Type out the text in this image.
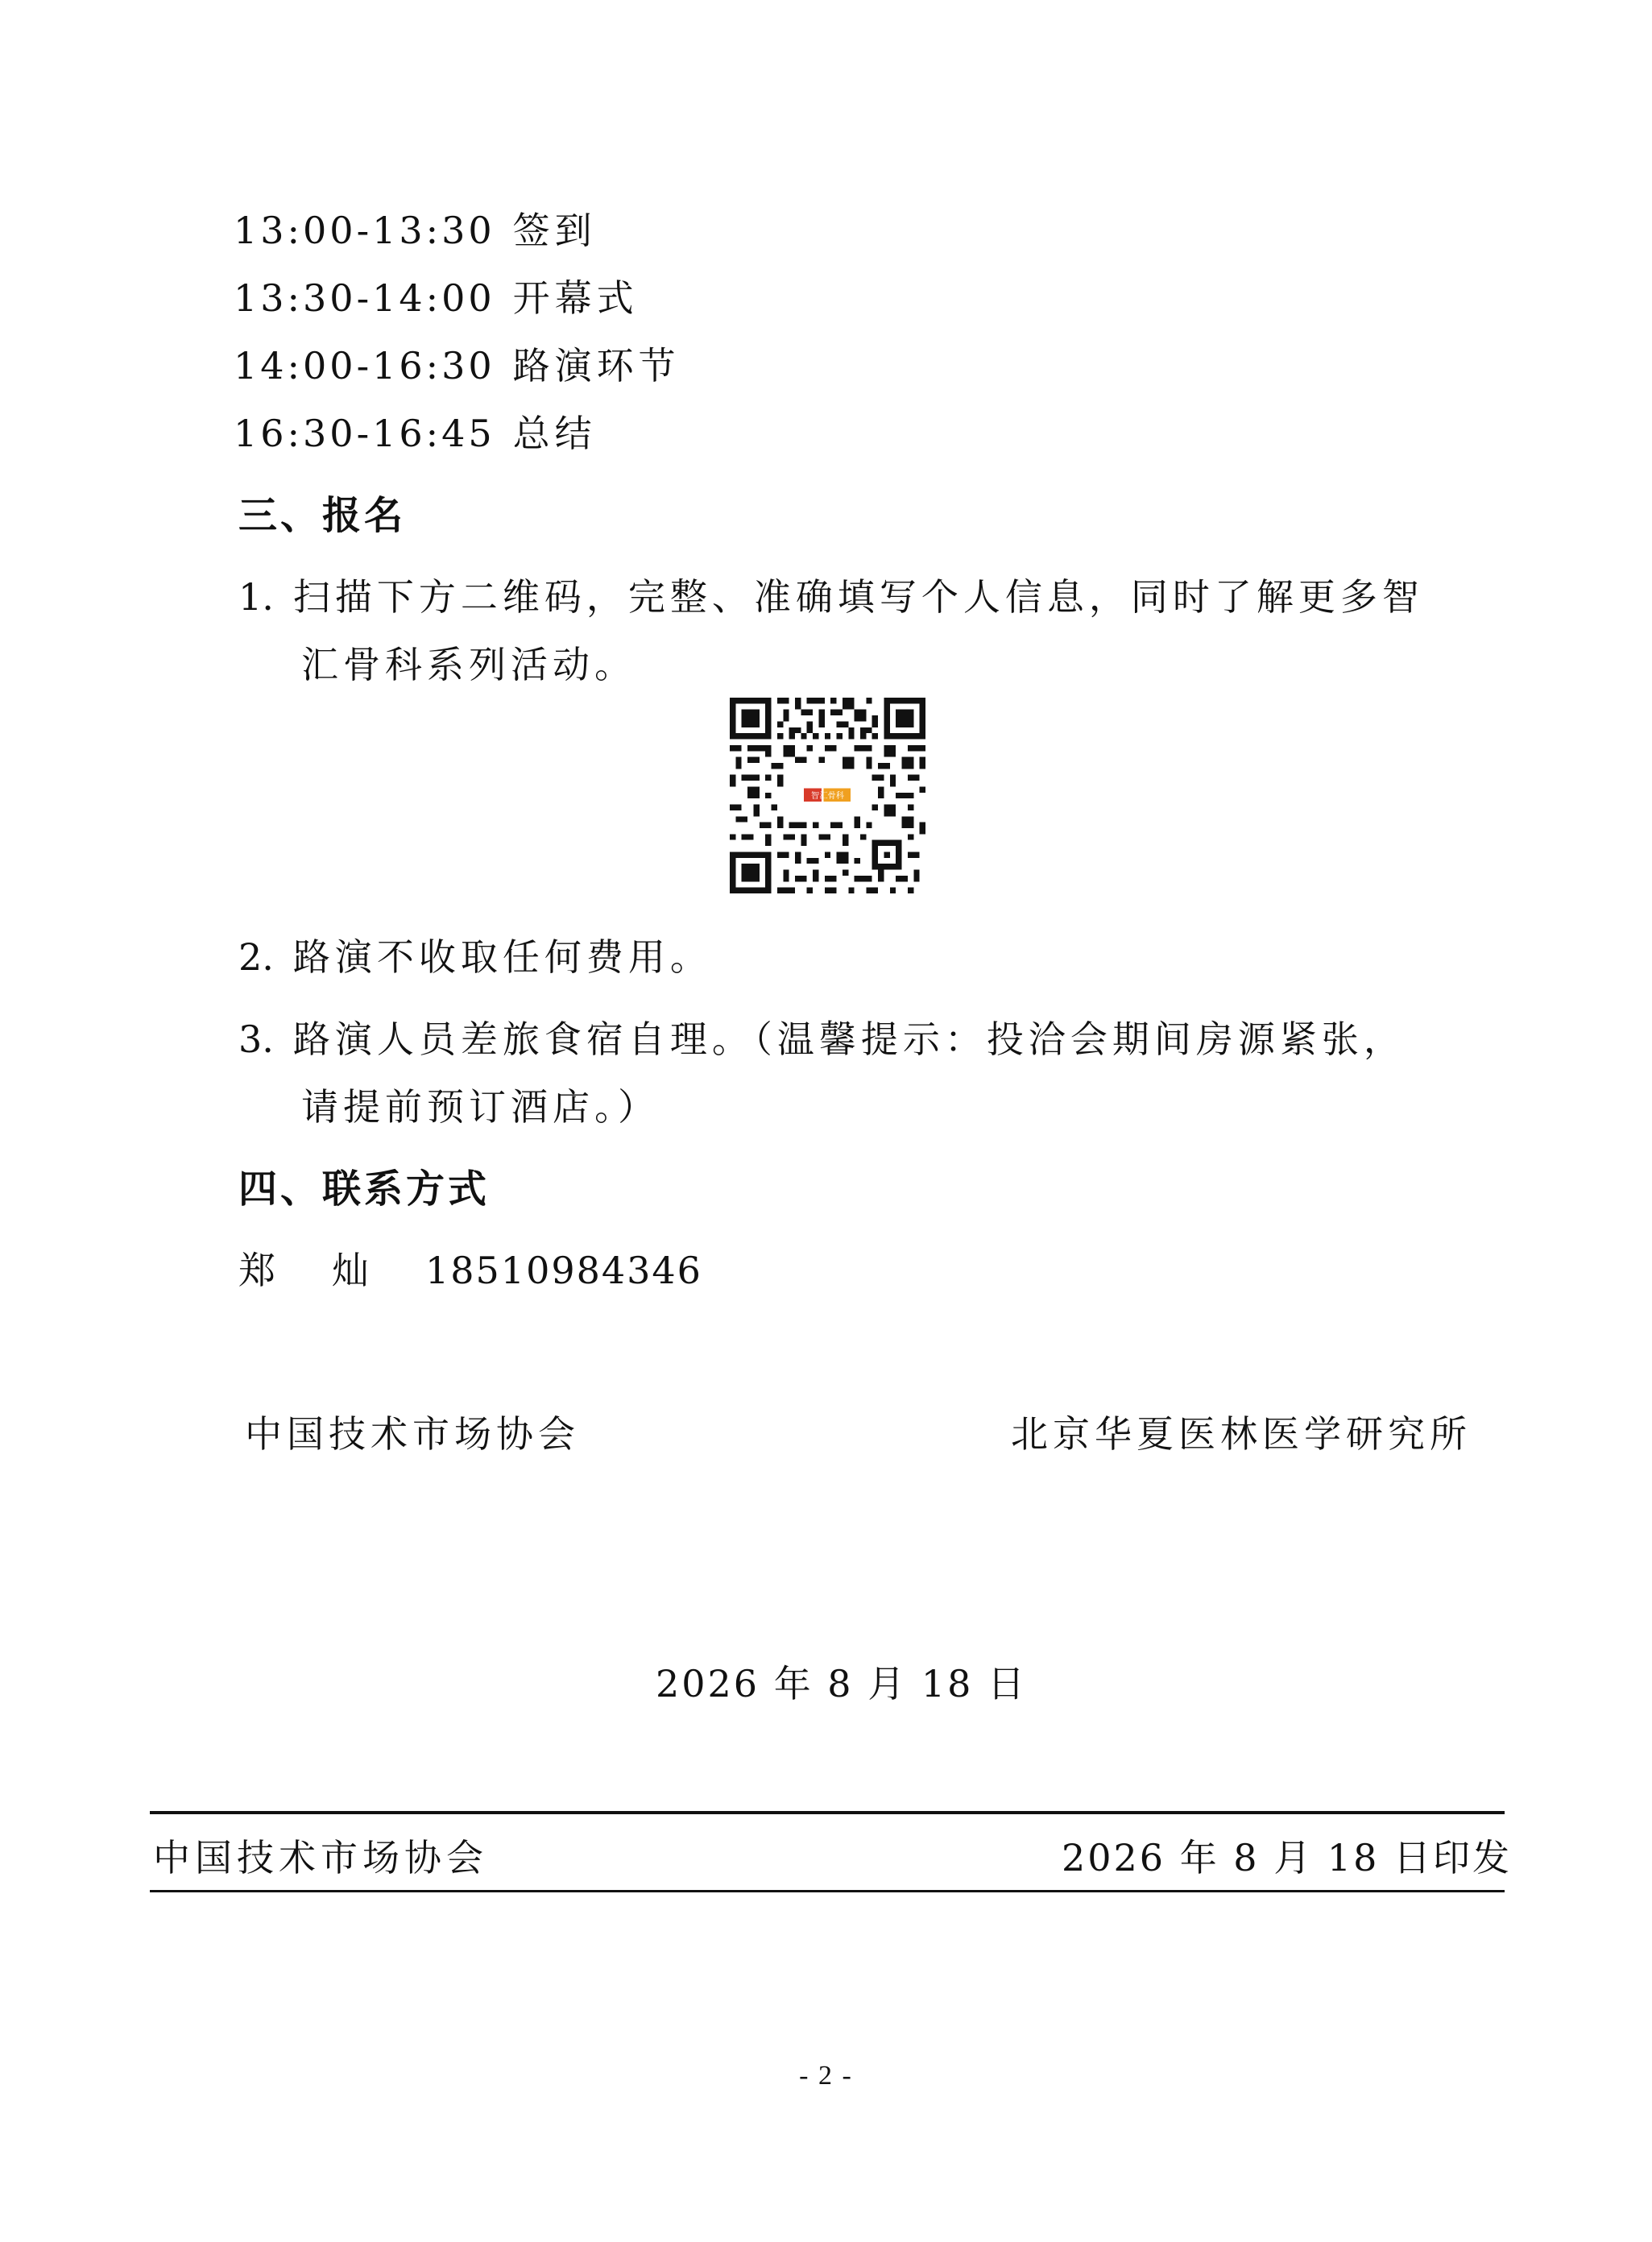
13:00-13:30 签到
13:30-14:00 开幕式
14:00-16:30 路演环节
16:30-16:45 总结
三、报名
1. 扫描下方二维码，完整、准确填写个人信息，同时了解更多智
汇骨科系列活动。
智汇骨科
2. 路演不收取任何费用。
3. 路演人员差旅食宿自理。（温馨提示：投洽会期间房源紧张，
请提前预订酒店。）
四、联系方式
郑灿18510984346
中国技术市场协会	北京华夏医林医学研究所
2026 年 8 月 18 日
中国技术市场协会	2026 年 8 月 18 日印发
- 2 -
